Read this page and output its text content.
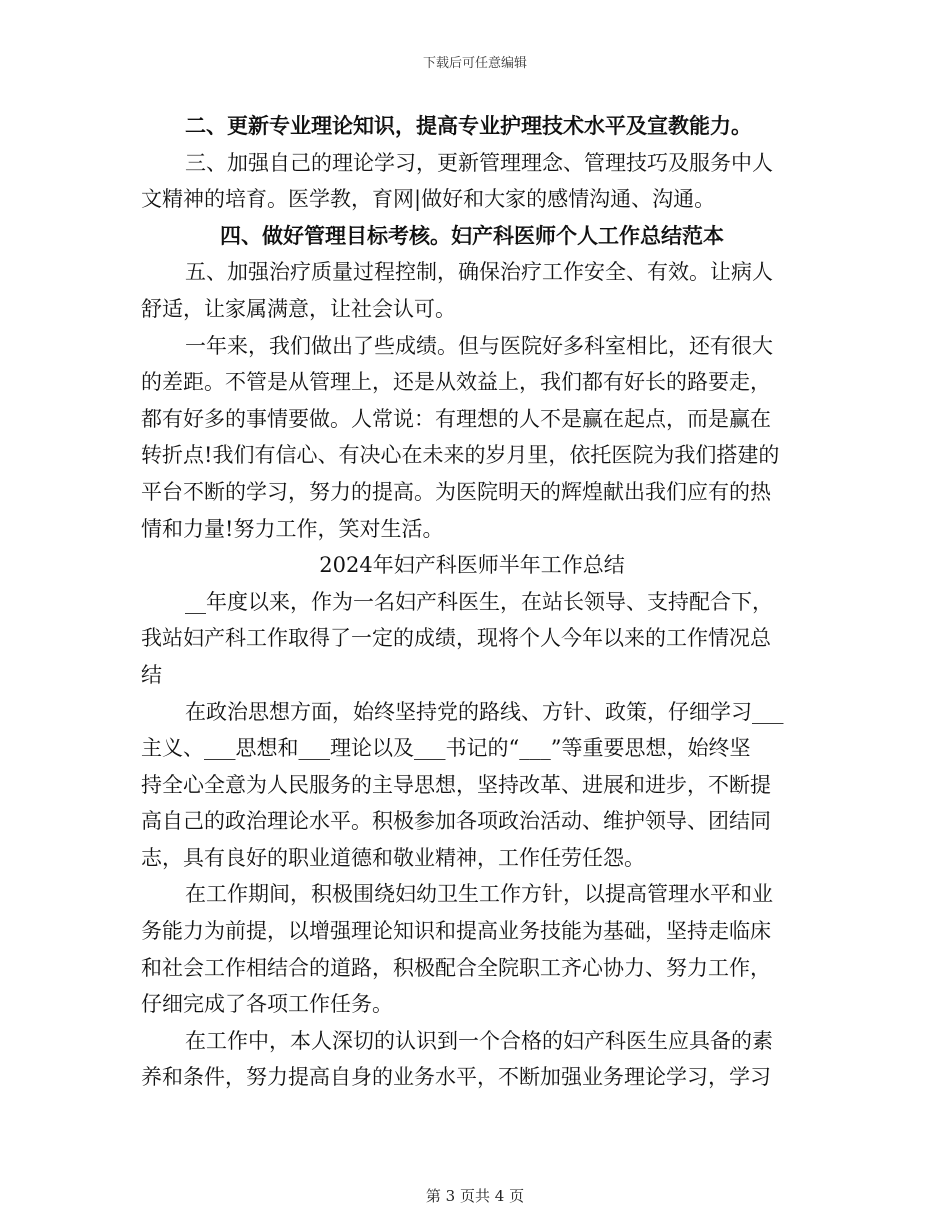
下载后可任意编辑

二、更新专业理论知识，提高专业护理技术水平及宣教能力。

三、加强自己的理论学习，更新管理理念、管理技巧及服务中人

文精神的培育。医学教，育网|做好和大家的感情沟通、沟通。

四、做好管理目标考核。妇产科医师个人工作总结范本

五、加强治疗质量过程控制，确保治疗工作安全、有效。让病人

舒适，让家属满意，让社会认可。

一年来，我们做出了些成绩。但与医院好多科室相比，还有很大

的差距。不管是从管理上，还是从效益上，我们都有好长的路要走，

都有好多的事情要做。人常说：有理想的人不是赢在起点，而是赢在

转折点!我们有信心、有决心在未来的岁月里，依托医院为我们搭建的

平台不断的学习，努力的提高。为医院明天的辉煌献出我们应有的热

情和力量!努力工作，笑对生活。

2024年妇产科医师半年工作总结

__年度以来，作为一名妇产科医生，在站长领导、支持配合下，

我站妇产科工作取得了一定的成绩，现将个人今年以来的工作情况总

结

在政治思想方面，始终坚持党的路线、方针、政策，仔细学习___

主义、___思想和___理论以及___书记的“___”等重要思想，始终坚

持全心全意为人民服务的主导思想，坚持改革、进展和进步，不断提

高自己的政治理论水平。积极参加各项政治活动、维护领导、团结同

志，具有良好的职业道德和敬业精神，工作任劳任怨。

在工作期间，积极围绕妇幼卫生工作方针，以提高管理水平和业

务能力为前提，以增强理论知识和提高业务技能为基础，坚持走临床

和社会工作相结合的道路，积极配合全院职工齐心协力、努力工作，

仔细完成了各项工作任务。

在工作中，本人深切的认识到一个合格的妇产科医生应具备的素

养和条件，努力提高自身的业务水平，不断加强业务理论学习，学习

第 3 页共 4 页
